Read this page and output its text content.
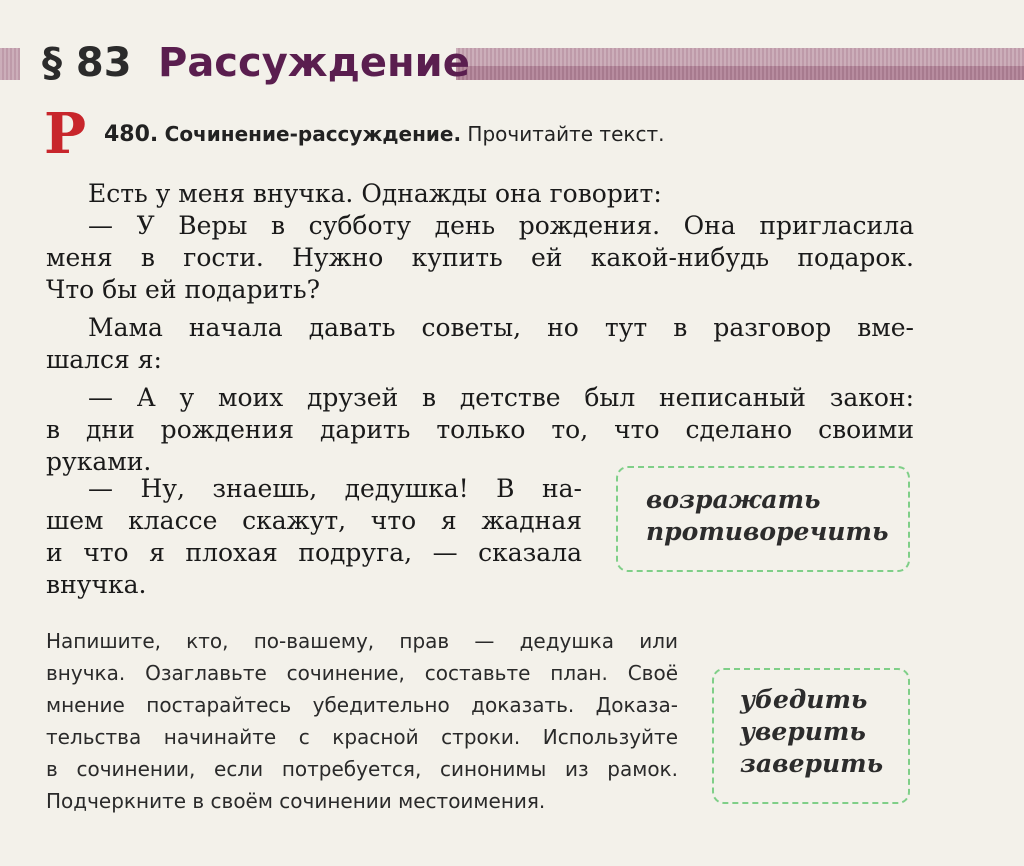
§ 83 Рассуждение
Р 480. Сочинение-рассуждение. Прочитайте текст.
Есть у меня внучка. Однажды она говорит:
— У Веры в субботу день рождения. Она пригласила
меня в гости. Нужно купить ей какой-нибудь подарок.
Что бы ей подарить?
Мама начала давать советы, но тут в разговор вме-
шался я:
— А у моих друзей в детстве был неписаный закон:
в дни рождения дарить только то, что сделано своими
руками.
— Ну, знаешь, дедушка! В на-
шем классе скажут, что я жадная
и что я плохая подруга, — сказала
внучка.
возражать
противоречить
убедить
уверить
заверить
Напишите, кто, по-вашему, прав — дедушка или
внучка. Озаглавьте сочинение, составьте план. Своё
мнение постарайтесь убедительно доказать. Доказа-
тельства начинайте с красной строки. Используйте
в сочинении, если потребуется, синонимы из рамок.
Подчеркните в своём сочинении местоимения.
